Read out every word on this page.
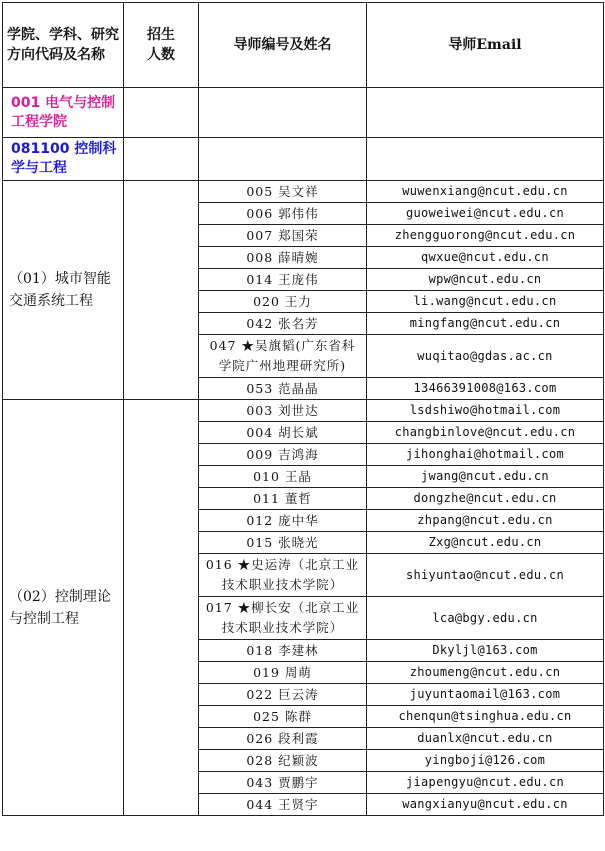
学院、学科、研究方向代码及名称	招生人数	导师编号及姓名	导师Email
001 电气与控制工程学院			
081100 控制科学与工程			
（01）城市智能交通系统工程		005 吴文祥	wuwenxiang@ncut.edu.cn
		006 郭伟伟	guoweiwei@ncut.edu.cn
		007 郑国荣	zhengguorong@ncut.edu.cn
		008 薛晴婉	qwxue@ncut.edu.cn
		014 王庞伟	wpw@ncut.edu.cn
		020 王力	li.wang@ncut.edu.cn
		042 张名芳	mingfang@ncut.edu.cn
		047 ★吴旗韬(广东省科学院广州地理研究所)	wuqitao@gdas.ac.cn
		053 范晶晶	13466391008@163.com
（02）控制理论与控制工程		003 刘世达	lsdshiwo@hotmail.com
		004 胡长斌	changbinlove@ncut.edu.cn
		009 吉鸿海	jihonghai@hotmail.com
		010 王晶	jwang@ncut.edu.cn
		011 董哲	dongzhe@ncut.edu.cn
		012 庞中华	zhpang@ncut.edu.cn
		015 张晓光	Zxg@ncut.edu.cn
		016 ★史运涛（北京工业技术职业技术学院）	shiyuntao@ncut.edu.cn
		017 ★柳长安（北京工业技术职业技术学院）	lca@bgy.edu.cn
		018 李建林	Dkyljl@163.com
		019 周萌	zhoumeng@ncut.edu.cn
		022 巨云涛	juyuntaomail@163.com
		025 陈群	chenqun@tsinghua.edu.cn
		026 段利霞	duanlx@ncut.edu.cn
		028 纪颖波	yingboji@126.com
		043 贾鹏宇	jiapengyu@ncut.edu.cn
		044 王贤宇	wangxianyu@ncut.edu.cn
